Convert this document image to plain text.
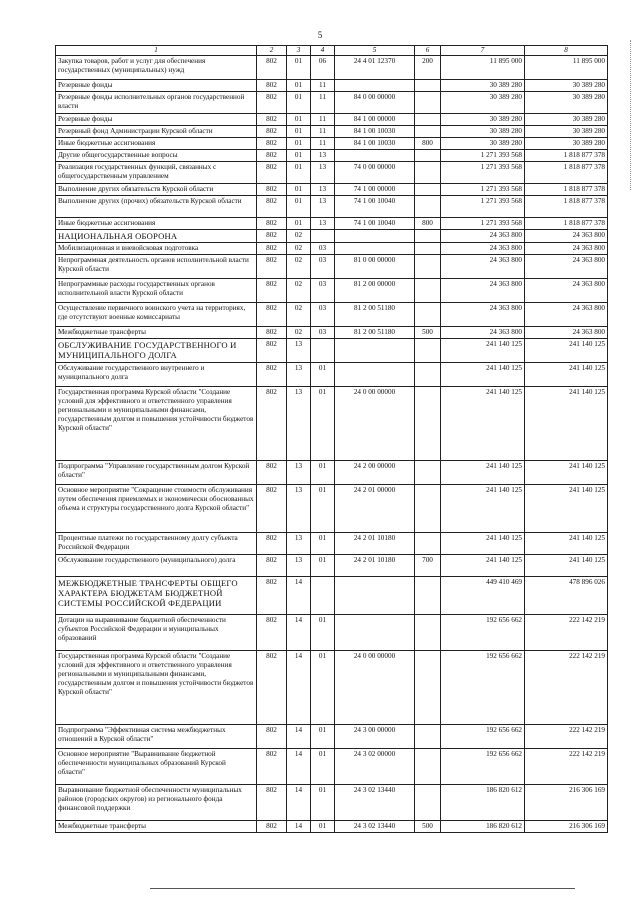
5
1	2	3	4	5	6	7	8
Закупка товаров, работ и услуг для обеспечения государственных (муниципальных) нужд	802	01	06	24 4 01 12370	200	11 895 000	11 895 000
Резервные фонды	802	01	11			30 389 280	30 389 280
Резервные фонды исполнительных органов государственной власти	802	01	11	84 0 00 00000		30 389 280	30 389 280
Резервные фонды	802	01	11	84 1 00 00000		30 389 280	30 389 280
Резервный фонд Администрации Курской области	802	01	11	84 1 00 10030		30 389 280	30 389 280
Иные бюджетные ассигнования	802	01	11	84 1 00 10030	800	30 389 280	30 389 280
Другие общегосударственные вопросы	802	01	13			1 271 393 568	1 818 877 378
Реализация государственных функций, связанных с общегосударственным управлением	802	01	13	74 0 00 00000		1 271 393 568	1 818 877 378
Выполнение других обязательств Курской области	802	01	13	74 1 00 00000		1 271 393 568	1 818 877 378
Выполнение других (прочих) обязательств Курской области	802	01	13	74 1 00 10040		1 271 393 568	1 818 877 378
Иные бюджетные ассигнования	802	01	13	74 1 00 10040	800	1 271 393 568	1 818 877 378
НАЦИОНАЛЬНАЯ ОБОРОНА	802	02				24 363 800	24 363 800
Мобилизационная и вневойсковая подготовка	802	02	03			24 363 800	24 363 800
Непрограммная деятельность органов исполнительной власти Курской области	802	02	03	81 0 00 00000		24 363 800	24 363 800
Непрограммные расходы государственных органов исполнительной власти Курской области	802	02	03	81 2 00 00000		24 363 800	24 363 800
Осуществление первичного воинского учета на территориях, где отсутствуют военные комиссариаты	802	02	03	81 2 00 51180		24 363 800	24 363 800
Межбюджетные трансферты	802	02	03	81 2 00 51180	500	24 363 800	24 363 800
ОБСЛУЖИВАНИЕ ГОСУДАРСТВЕННОГО И МУНИЦИПАЛЬНОГО ДОЛГА	802	13				241 140 125	241 140 125
Обслуживание государственного внутреннего и муниципального долга	802	13	01			241 140 125	241 140 125
Государственная программа Курской области "Создание условий для эффективного и ответственного управления региональными и муниципальными финансами, государственным долгом и повышения устойчивости бюджетов Курской области"	802	13	01	24 0 00 00000		241 140 125	241 140 125
Подпрограмма "Управление государственным долгом Курской области"	802	13	01	24 2 00 00000		241 140 125	241 140 125
Основное мероприятие "Сокращение стоимости обслуживания путем обеспечения приемлемых и экономически обоснованных объема и структуры государственного долга Курской области"	802	13	01	24 2 01 00000		241 140 125	241 140 125
Процентные платежи по государственному долгу субъекта Российской Федерации	802	13	01	24 2 01 10180		241 140 125	241 140 125
Обслуживание государственного (муниципального) долга	802	13	01	24 2 01 10180	700	241 140 125	241 140 125
МЕЖБЮДЖЕТНЫЕ ТРАНСФЕРТЫ ОБЩЕГО ХАРАКТЕРА БЮДЖЕТАМ БЮДЖЕТНОЙ СИСТЕМЫ РОССИЙСКОЙ ФЕДЕРАЦИИ	802	14				449 410 469	478 896 026
Дотации на выравнивание бюджетной обеспеченности субъектов Российской Федерации и муниципальных образований	802	14	01			192 656 662	222 142 219
Государственная программа Курской области "Создание условий для эффективного и ответственного управления региональными и муниципальными финансами, государственным долгом и повышения устойчивости бюджетов Курской области"	802	14	01	24 0 00 00000		192 656 662	222 142 219
Подпрограмма "Эффективная система межбюджетных отношений в Курской области"	802	14	01	24 3 00 00000		192 656 662	222 142 219
Основное мероприятие "Выравнивание бюджетной обеспеченности муниципальных образований Курской области"	802	14	01	24 3 02 00000		192 656 662	222 142 219
Выравнивание бюджетной обеспеченности муниципальных районов (городских округов) из регионального фонда финансовой поддержки	802	14	01	24 3 02 13440		186 820 612	216 306 169
Межбюджетные трансферты	802	14	01	24 3 02 13440	500	186 820 612	216 306 169
